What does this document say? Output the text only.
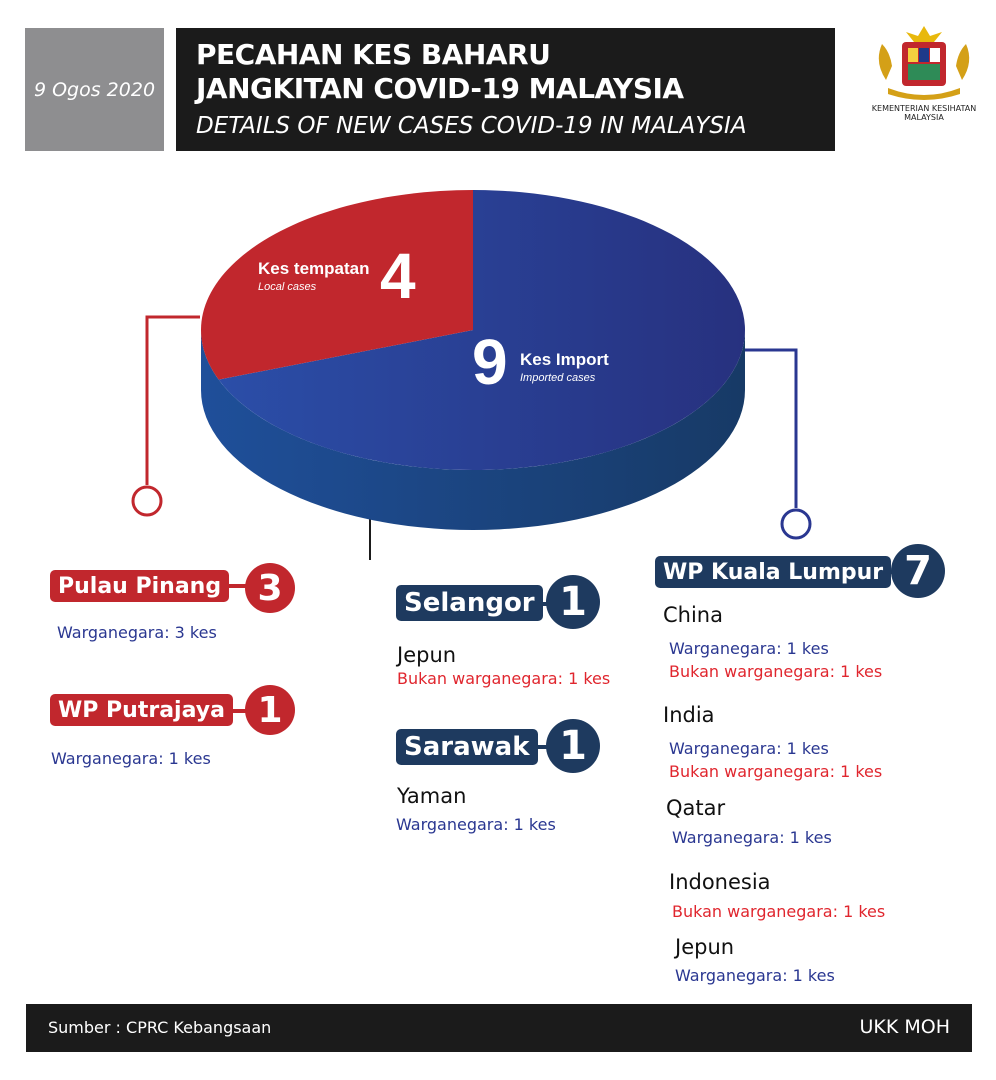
9 Ogos 2020
PECAHAN KES BAHARU
JANGKITAN COVID-19 MALAYSIA
DETAILS OF NEW CASES COVID-19 IN MALAYSIA
KEMENTERIAN KESIHATAN MALAYSIA
Kes tempatan
Local cases 4
9 Kes Import
Imported cases
Pulau Pinang 3
Warganegara: 3 kes
WP Putrajaya 1
Warganegara: 1 kes
Selangor 1
Jepun
Bukan warganegara: 1 kes
Sarawak 1
Yaman
Warganegara: 1 kes
WP Kuala Lumpur 7
China
Warganegara: 1 kes
Bukan warganegara: 1 kes
India
Warganegara: 1 kes
Bukan warganegara: 1 kes
Qatar
Warganegara: 1 kes
Indonesia
Bukan warganegara: 1 kes
Jepun
Warganegara: 1 kes
Sumber : CPRC Kebangsaan	UKK MOH
